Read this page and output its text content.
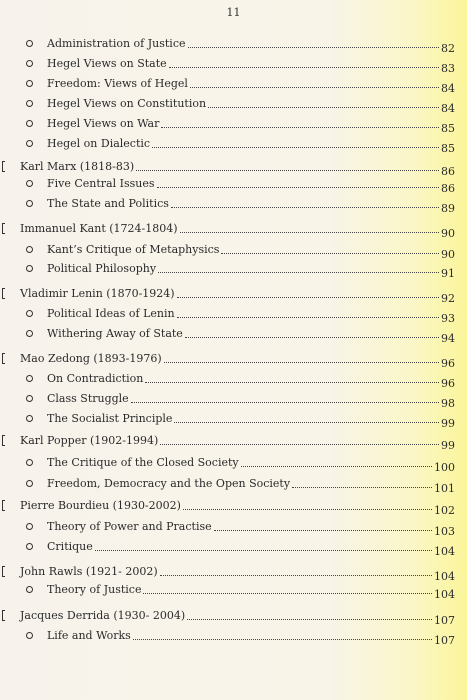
11
Administration of Justice	82
Hegel Views on State	83
Freedom: Views of Hegel	84
Hegel Views on Constitution	84
Hegel Views on War	85
Hegel on Dialectic	85
Karl Marx (1818-83)	86
Five Central Issues	86
The State and Politics	89
Immanuel Kant (1724-1804)	90
Kant’s Critique of Metaphysics	90
Political Philosophy	91
Vladimir Lenin (1870-1924)	92
Political Ideas of Lenin	93
Withering Away of State	94
Mao Zedong (1893-1976)	96
On Contradiction	96
Class Struggle	98
The Socialist Principle	99
Karl Popper (1902-1994)	99
The Critique of the Closed Society	100
Freedom, Democracy and the Open Society	101
Pierre Bourdieu (1930-2002)	102
Theory of Power and Practise	103
Critique	104
John Rawls (1921- 2002)	104
Theory of Justice	104
Jacques Derrida (1930- 2004)	107
Life and Works	107
